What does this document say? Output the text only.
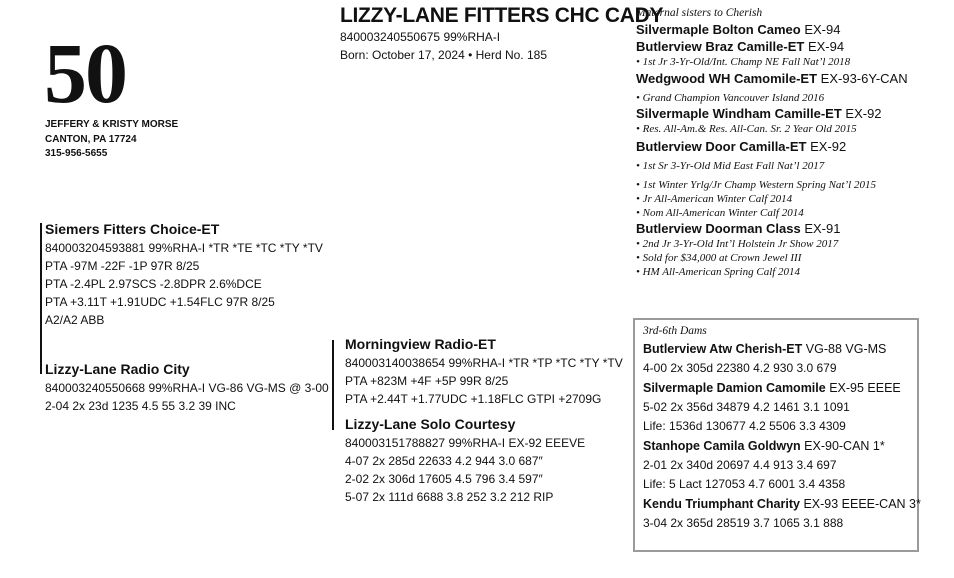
50
JEFFERY & KRISTY MORSE
CANTON, PA 17724
315-956-5655
LIZZY-LANE FITTERS CHC CADY
840003240550675 99%RHA-I
Born: October 17, 2024 • Herd No. 185
Siemers Fitters Choice-ET
840003204593881 99%RHA-I *TR *TE *TC *TY *TV
PTA -97M -22F -1P 97R 8/25
PTA -2.4PL 2.97SCS -2.8DPR 2.6%DCE
PTA +3.11T +1.91UDC +1.54FLC 97R 8/25
A2/A2 ABB
Lizzy-Lane Radio City
840003240550668 99%RHA-I VG-86 VG-MS @ 3-00
2-04 2x 23d 1235 4.5 55 3.2 39 INC
Morningview Radio-ET
840003140038654 99%RHA-I *TR *TP *TC *TY *TV
PTA +823M +4F +5P 99R 8/25
PTA +2.44T +1.77UDC +1.18FLC GTPI +2709G
Lizzy-Lane Solo Courtesy
840003151788827 99%RHA-I EX-92 EEEVE
4-07 2x 285d 22633 4.2 944 3.0 687″
2-02 2x 306d 17605 4.5 796 3.4 597″
5-07 2x 111d 6688 3.8 252 3.2 212 RIP
Maternal sisters to Cherish
Silvermaple Bolton Cameo EX-94
Butlerview Braz Camille-ET EX-94
• 1st Jr 3-Yr-Old/Int. Champ NE Fall Nat’l 2018
Wedgwood WH Camomile-ET EX-93-6Y-CAN
• Grand Champion Vancouver Island 2016
Silvermaple Windham Camille-ET EX-92
• Res. All-Am.& Res. All-Can. Sr. 2 Year Old 2015
Butlerview Door Camilla-ET EX-92
• 1st Sr 3-Yr-Old Mid East Fall Nat’l 2017
• 1st Winter Yrlg/Jr Champ Western Spring Nat’l 2015
• Jr All-American Winter Calf 2014
• Nom All-American Winter Calf 2014
Butlerview Doorman Class EX-91
• 2nd Jr 3-Yr-Old Int’l Holstein Jr Show 2017
• Sold for $34,000 at Crown Jewel III
• HM All-American Spring Calf 2014
3rd-6th Dams
Butlerview Atw Cherish-ET VG-88 VG-MS
4-00 2x 305d 22380 4.2 930 3.0 679
Silvermaple Damion Camomile EX-95 EEEE
5-02 2x 356d 34879 4.2 1461 3.1 1091
Life: 1536d 130677 4.2 5506 3.3 4309
Stanhope Camila Goldwyn EX-90-CAN 1*
2-01 2x 340d 20697 4.4 913 3.4 697
Life: 5 Lact 127053 4.7 6001 3.4 4358
Kendu Triumphant Charity EX-93 EEEE-CAN 3*
3-04 2x 365d 28519 3.7 1065 3.1 888
